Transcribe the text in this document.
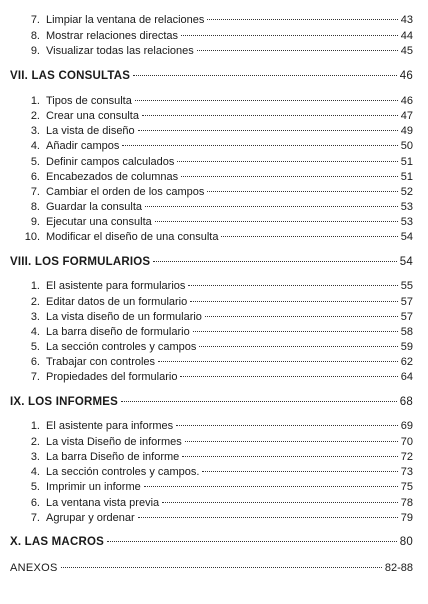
7. Limpiar la ventana de relaciones	43
8. Mostrar relaciones directas	44
9. Visualizar todas las relaciones	45
VII. LAS CONSULTAS	46
1. Tipos de consulta	46
2. Crear una consulta	47
3. La vista de diseño	49
4. Añadir campos	50
5. Definir campos calculados	51
6. Encabezados de columnas	51
7. Cambiar el orden de los campos	52
8. Guardar la consulta	53
9. Ejecutar una consulta	53
10. Modificar el diseño de una consulta	54
VIII. LOS FORMULARIOS	54
1. El asistente para formularios	55
2. Editar datos de un formulario	57
3. La vista diseño de un formulario	57
4. La barra diseño de formulario	58
5. La sección controles y campos	59
6. Trabajar con controles	62
7. Propiedades del formulario	64
IX. LOS INFORMES	68
1. El asistente para informes	69
2. La vista Diseño de informes	70
3. La barra Diseño de informe	72
4. La sección controles y campos.	73
5. Imprimir un informe	75
6. La ventana vista previa	78
7. Agrupar y ordenar	79
X. LAS MACROS	80
ANEXOS	82-88
